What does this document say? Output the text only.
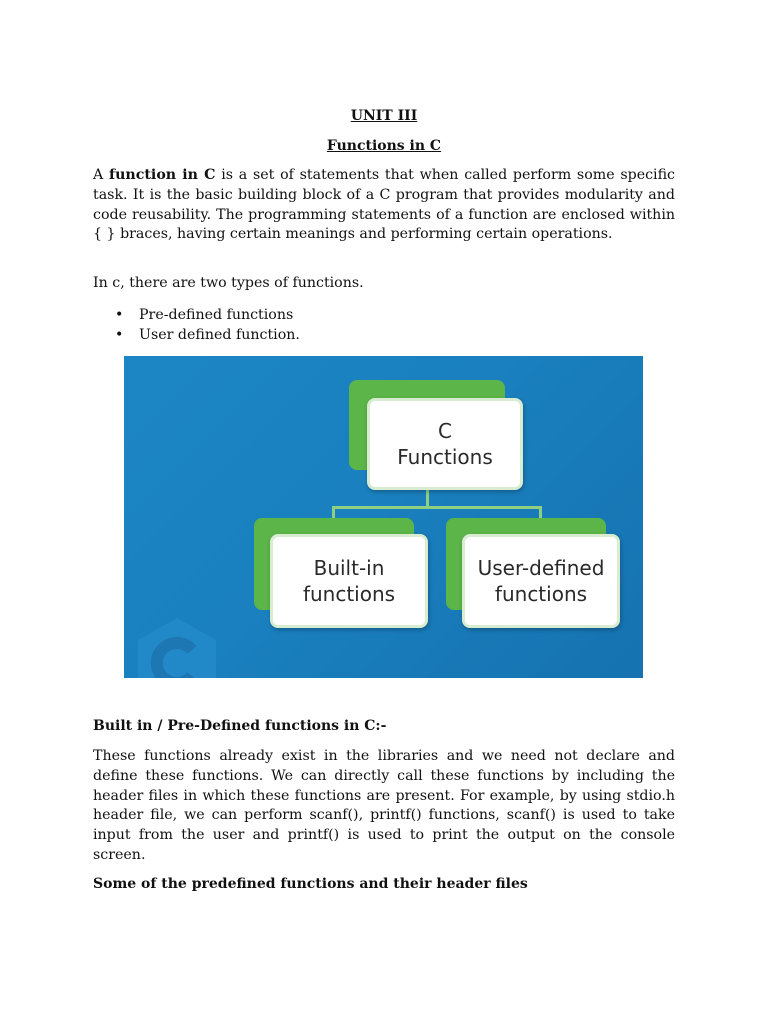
UNIT III

Functions in C

A function in C is a set of statements that when called perform some specific task. It is the basic building block of a C program that provides modularity and code reusability. The programming statements of a function are enclosed within { } braces, having certain meanings and performing certain operations.

In c, there are two types of functions.

• Pre-defined functions
• User defined function.

Built in / Pre-Defined functions in C:-

These functions already exist in the libraries and we need not declare and define these functions. We can directly call these functions by including the header files in which these functions are present. For example, by using stdio.h header file, we can perform scanf(), printf() functions, scanf() is used to take input from the user and printf() is used to print the output on the console screen.

Some of the predefined functions and their header files

C
Functions
Built-in
functions
User-defined
functions
